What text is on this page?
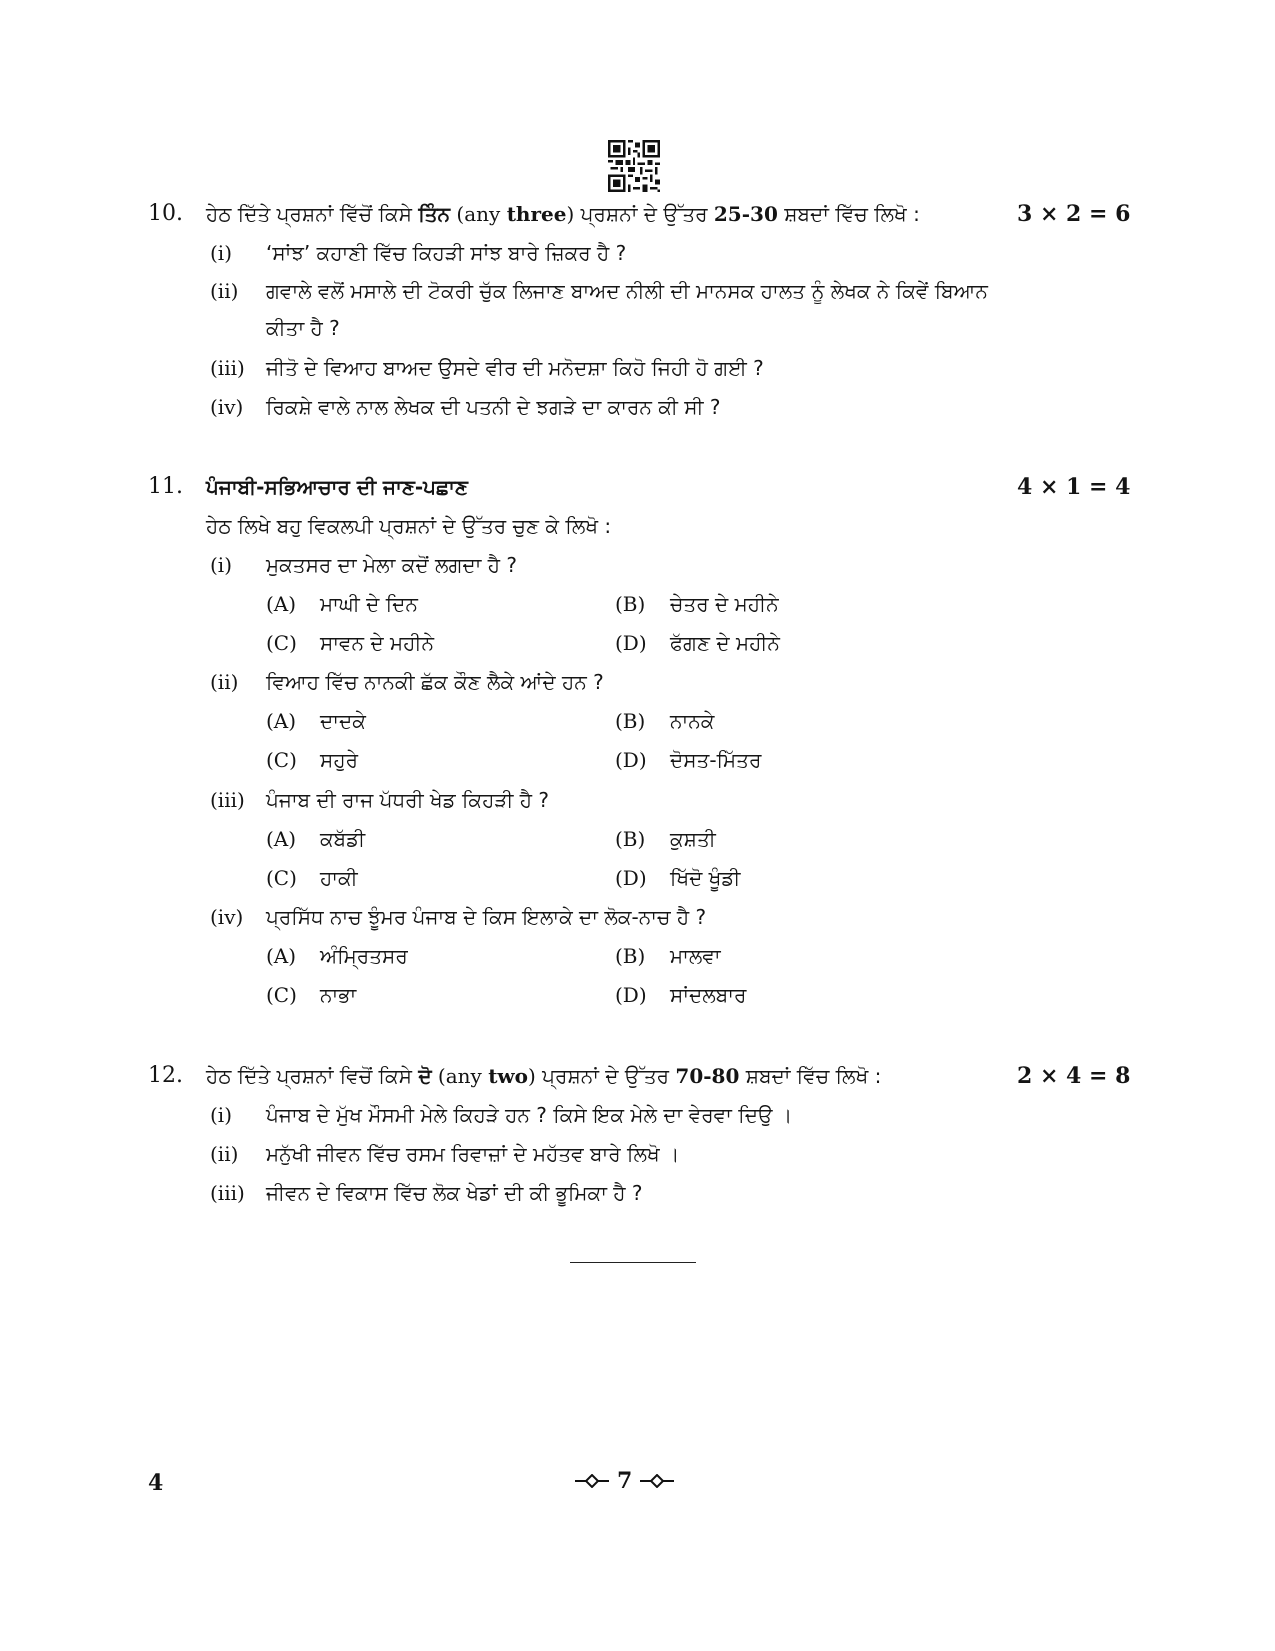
10. ਹੇਠ ਦਿੱਤੇ ਪ੍ਰਸ਼ਨਾਂ ਵਿੱਚੋਂ ਕਿਸੇ ਤਿੰਨ (any three) ਪ੍ਰਸ਼ਨਾਂ ਦੇ ਉੱਤਰ 25-30 ਸ਼ਬਦਾਂ ਵਿੱਚ ਲਿਖੋ :	3 × 2 = 6
(i) ‘ਸਾਂਝ’ ਕਹਾਣੀ ਵਿੱਚ ਕਿਹੜੀ ਸਾਂਝ ਬਾਰੇ ਜ਼ਿਕਰ ਹੈ ?
(ii) ਗਵਾਲੇ ਵਲੋਂ ਮਸਾਲੇ ਦੀ ਟੋਕਰੀ ਚੁੱਕ ਲਿਜਾਣ ਬਾਅਦ ਨੀਲੀ ਦੀ ਮਾਨਸਕ ਹਾਲਤ ਨੂੰ ਲੇਖਕ ਨੇ ਕਿਵੇਂ ਬਿਆਨ
ਕੀਤਾ ਹੈ ?
(iii) ਜੀਤੋ ਦੇ ਵਿਆਹ ਬਾਅਦ ਉਸਦੇ ਵੀਰ ਦੀ ਮਨੋਦਸ਼ਾ ਕਿਹੋ ਜਿਹੀ ਹੋ ਗਈ ?
(iv) ਰਿਕਸ਼ੇ ਵਾਲੇ ਨਾਲ ਲੇਖਕ ਦੀ ਪਤਨੀ ਦੇ ਝਗੜੇ ਦਾ ਕਾਰਨ ਕੀ ਸੀ ?
11. ਪੰਜਾਬੀ-ਸਭਿਆਚਾਰ ਦੀ ਜਾਣ-ਪਛਾਣ	4 × 1 = 4
ਹੇਠ ਲਿਖੇ ਬਹੁ ਵਿਕਲਪੀ ਪ੍ਰਸ਼ਨਾਂ ਦੇ ਉੱਤਰ ਚੁਣ ਕੇ ਲਿਖੋ :
(i) ਮੁਕਤਸਰ ਦਾ ਮੇਲਾ ਕਦੋਂ ਲਗਦਾ ਹੈ ?
(A) ਮਾਘੀ ਦੇ ਦਿਨ	(B) ਚੇਤਰ ਦੇ ਮਹੀਨੇ
(C) ਸਾਵਨ ਦੇ ਮਹੀਨੇ	(D) ਫੱਗਣ ਦੇ ਮਹੀਨੇ
(ii) ਵਿਆਹ ਵਿੱਚ ਨਾਨਕੀ ਛੱਕ ਕੌਣ ਲੈਕੇ ਆਂਦੇ ਹਨ ?
(A) ਦਾਦਕੇ	(B) ਨਾਨਕੇ
(C) ਸਹੁਰੇ	(D) ਦੋਸਤ-ਮਿੱਤਰ
(iii) ਪੰਜਾਬ ਦੀ ਰਾਜ ਪੱਧਰੀ ਖੇਡ ਕਿਹੜੀ ਹੈ ?
(A) ਕਬੱਡੀ	(B) ਕੁਸ਼ਤੀ
(C) ਹਾਕੀ	(D) ਖਿੱਦੋ ਖੂੰਡੀ
(iv) ਪ੍ਰਸਿੱਧ ਨਾਚ ਝੂੰਮਰ ਪੰਜਾਬ ਦੇ ਕਿਸ ਇਲਾਕੇ ਦਾ ਲੋਕ-ਨਾਚ ਹੈ ?
(A) ਅੰਮ੍ਰਿਤਸਰ	(B) ਮਾਲਵਾ
(C) ਨਾਭਾ	(D) ਸਾਂਦਲਬਾਰ
12. ਹੇਠ ਦਿੱਤੇ ਪ੍ਰਸ਼ਨਾਂ ਵਿਚੋਂ ਕਿਸੇ ਦੋ (any two) ਪ੍ਰਸ਼ਨਾਂ ਦੇ ਉੱਤਰ 70-80 ਸ਼ਬਦਾਂ ਵਿੱਚ ਲਿਖੋ :	2 × 4 = 8
(i) ਪੰਜਾਬ ਦੇ ਮੁੱਖ ਮੌਸਮੀ ਮੇਲੇ ਕਿਹੜੇ ਹਨ ? ਕਿਸੇ ਇਕ ਮੇਲੇ ਦਾ ਵੇਰਵਾ ਦਿਉ ।
(ii) ਮਨੁੱਖੀ ਜੀਵਨ ਵਿੱਚ ਰਸਮ ਰਿਵਾਜ਼ਾਂ ਦੇ ਮਹੱਤਵ ਬਾਰੇ ਲਿਖੋ ।
(iii) ਜੀਵਨ ਦੇ ਵਿਕਾਸ ਵਿੱਚ ਲੋਕ ਖੇਡਾਂ ਦੀ ਕੀ ਭੂਮਿਕਾ ਹੈ ?
4	7
